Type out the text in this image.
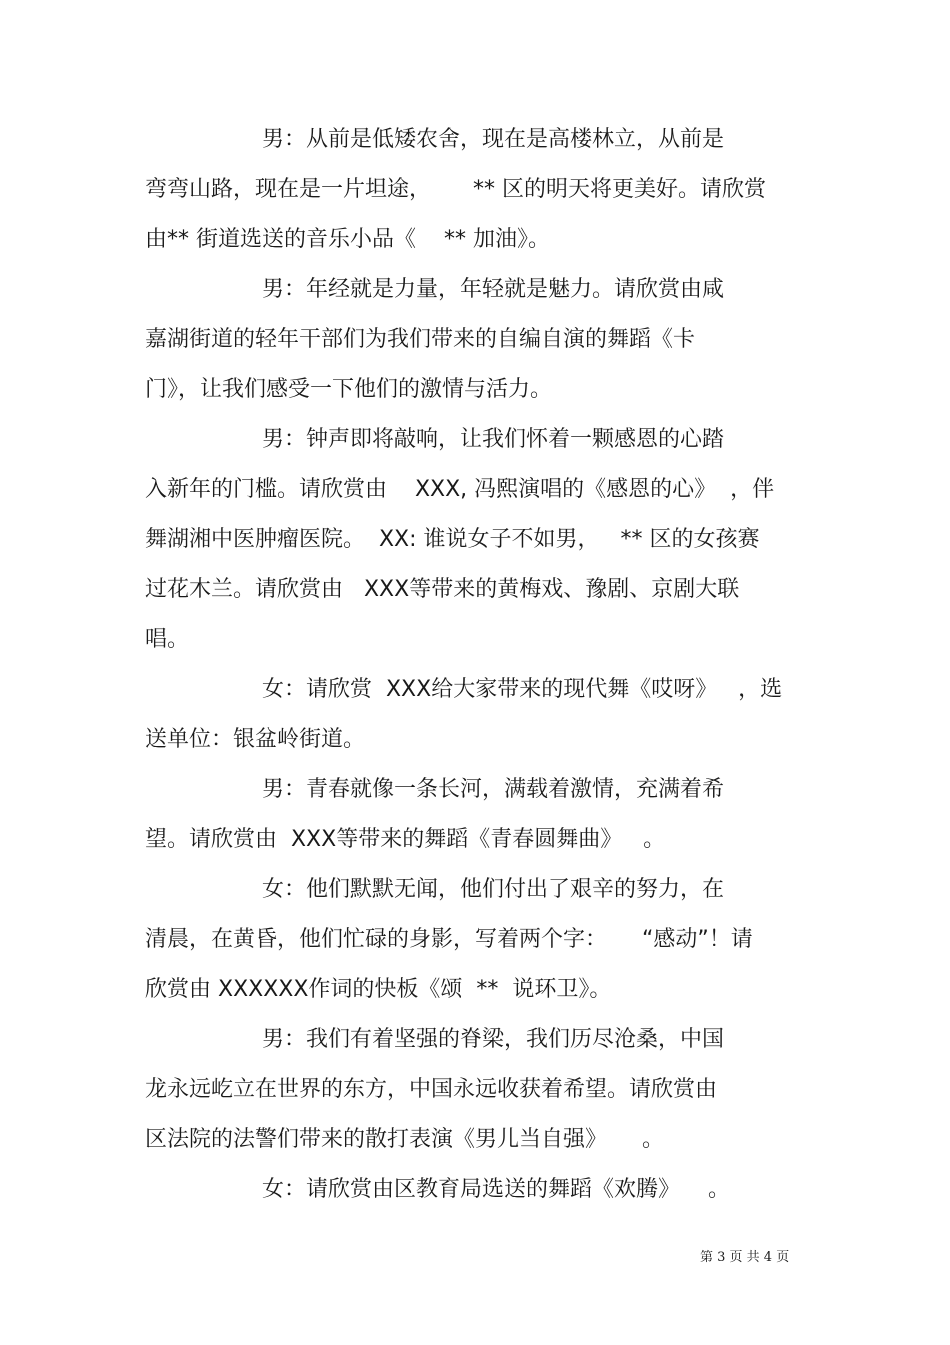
男：从前是低矮农舍，现在是高楼林立，从前是
弯弯山路，现在是一片坦途，      ** 区的明天将更美好。请欣赏
由** 街道选送的音乐小品《    ** 加油》。
男：年经就是力量，年轻就是魅力。请欣赏由咸
嘉湖街道的轻年干部们为我们带来的自编自演的舞蹈《卡
门》，让我们感受一下他们的激情与活力。
男：钟声即将敲响，让我们怀着一颗感恩的心踏
入新年的门槛。请欣赏由    XXX, 冯熙演唱的《感恩的心》  ，伴
舞湖湘中医肿瘤医院。  XX: 谁说女子不如男，   ** 区的女孩赛
过花木兰。请欣赏由   XXX等带来的黄梅戏、豫剧、京剧大联
唱。
女：请欣赏  XXX给大家带来的现代舞《哎呀》   ，选
送单位：银盆岭街道。
男：青春就像一条长河，满载着激情，充满着希
望。请欣赏由  XXX等带来的舞蹈《青春圆舞曲》   。
女：他们默默无闻，他们付出了艰辛的努力，在
清晨，在黄昏，他们忙碌的身影，写着两个字：     “感动”！请
欣赏由 XXXXXX作词的快板《颂  **  说环卫》。
男：我们有着坚强的脊梁，我们历尽沧桑，中国
龙永远屹立在世界的东方，中国永远收获着希望。请欣赏由
区法院的法警们带来的散打表演《男儿当自强》     。
女：请欣赏由区教育局选送的舞蹈《欢腾》    。
第 3 页 共 4 页
